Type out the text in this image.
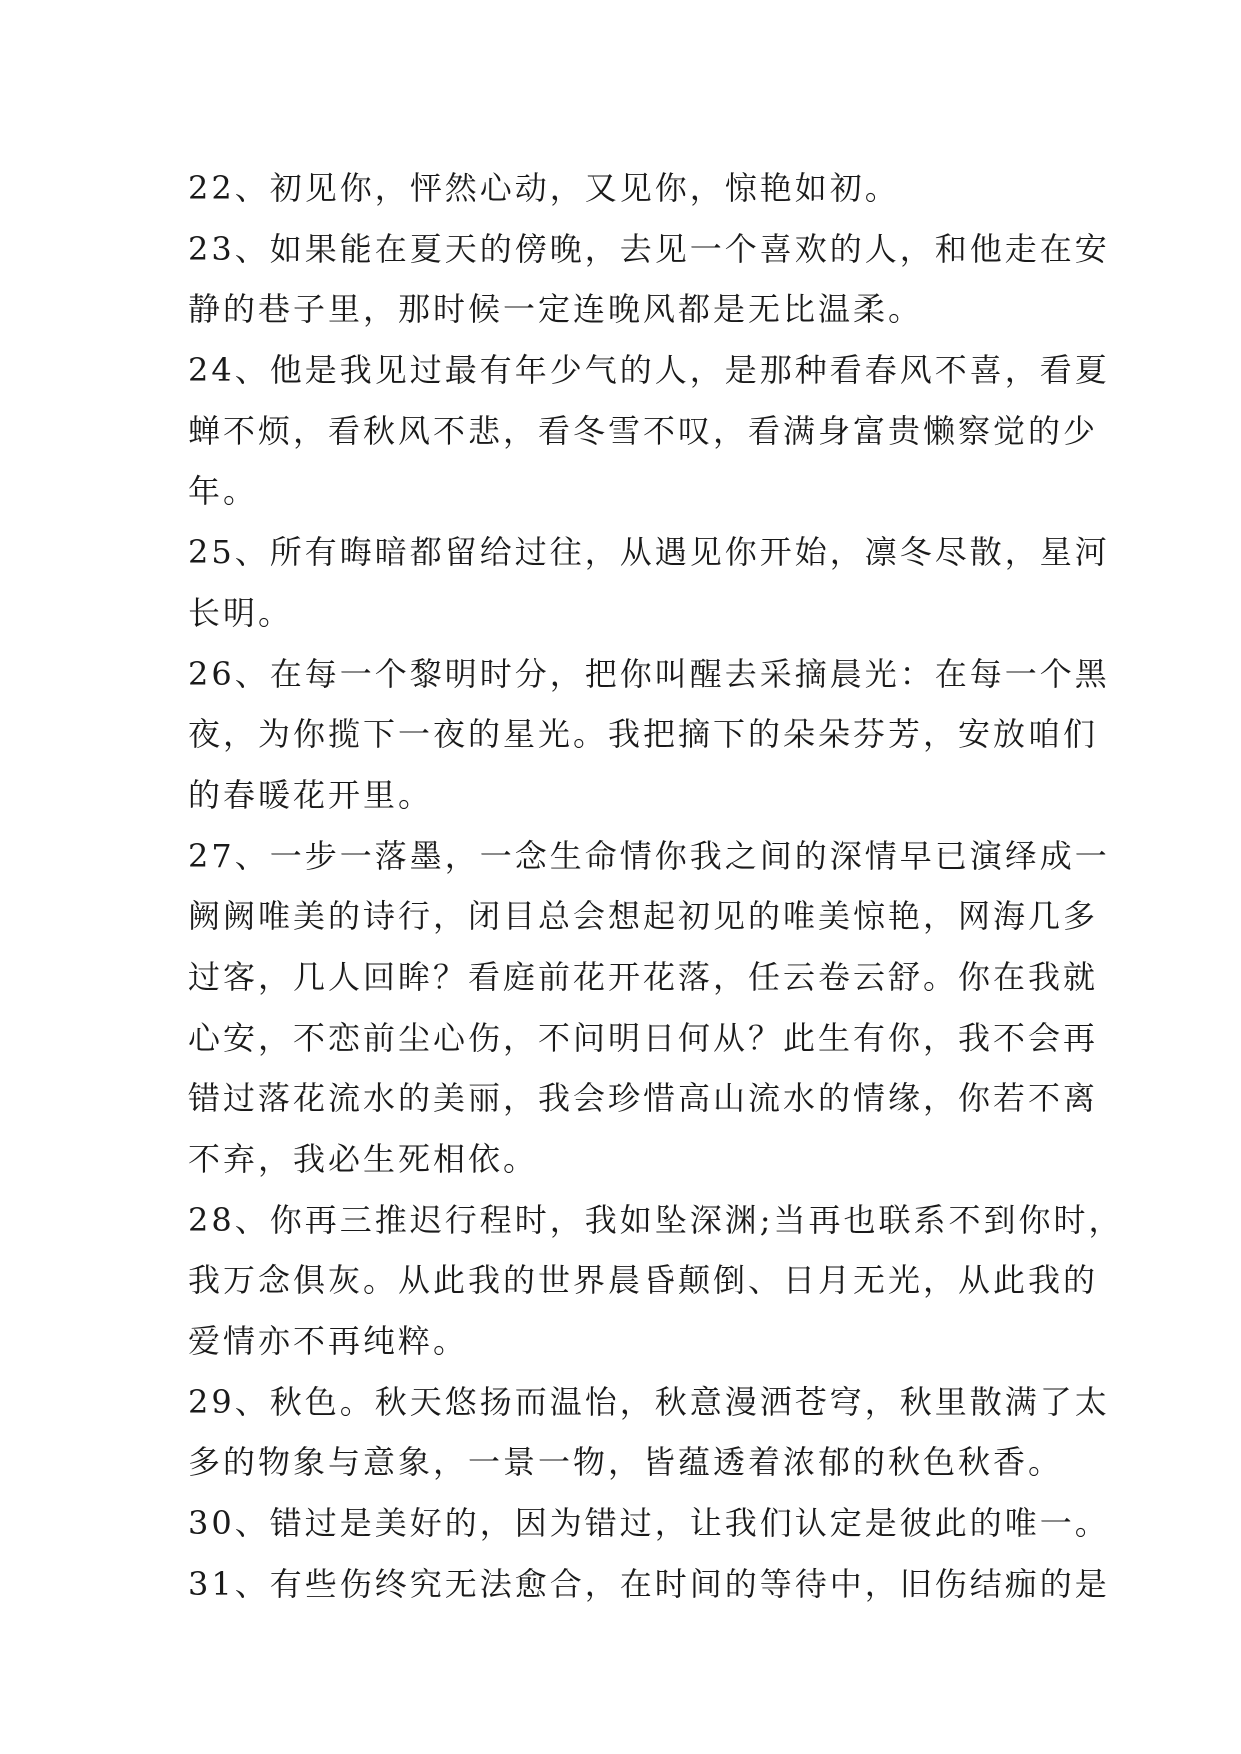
22、初见你，怦然心动，又见你，惊艳如初。
23、如果能在夏天的傍晚，去见一个喜欢的人，和他走在安
静的巷子里，那时候一定连晚风都是无比温柔。
24、他是我见过最有年少气的人，是那种看春风不喜，看夏
蝉不烦，看秋风不悲，看冬雪不叹，看满身富贵懒察觉的少
年。
25、所有晦暗都留给过往，从遇见你开始，凛冬尽散，星河
长明。
26、在每一个黎明时分，把你叫醒去采摘晨光：在每一个黑
夜，为你揽下一夜的星光。我把摘下的朵朵芬芳，安放咱们
的春暖花开里。
27、一步一落墨，一念生命情你我之间的深情早已演绎成一
阙阙唯美的诗行，闭目总会想起初见的唯美惊艳，网海几多
过客，几人回眸？看庭前花开花落，任云卷云舒。你在我就
心安，不恋前尘心伤，不问明日何从？此生有你，我不会再
错过落花流水的美丽，我会珍惜高山流水的情缘，你若不离
不弃，我必生死相依。
28、你再三推迟行程时，我如坠深渊;当再也联系不到你时，
我万念俱灰。从此我的世界晨昏颠倒、日月无光，从此我的
爱情亦不再纯粹。
29、秋色。秋天悠扬而温怡，秋意漫洒苍穹，秋里散满了太
多的物象与意象，一景一物，皆蕴透着浓郁的秋色秋香。
30、错过是美好的，因为错过，让我们认定是彼此的唯一。
31、有些伤终究无法愈合，在时间的等待中，旧伤结痂的是
